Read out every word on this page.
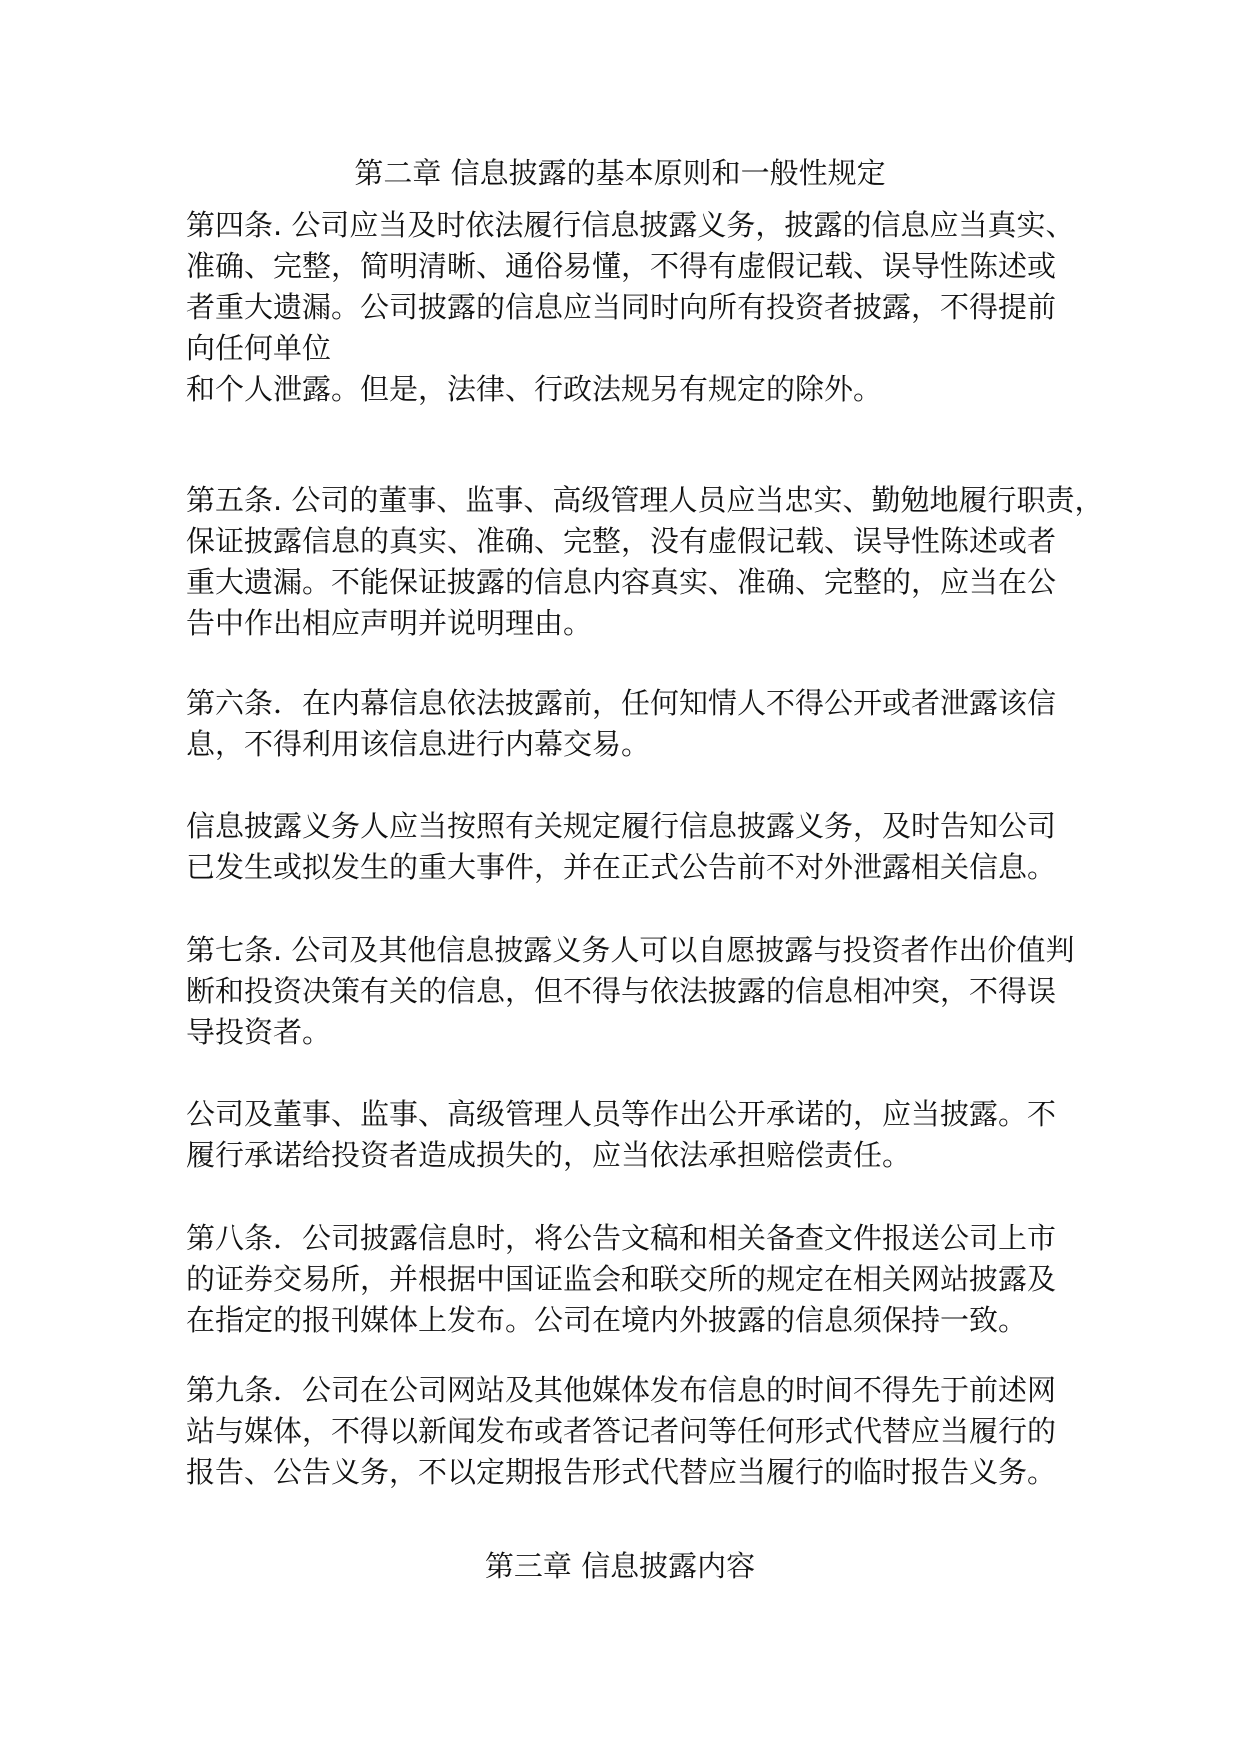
第二章 信息披露的基本原则和一般性规定
第四条. 公司应当及时依法履行信息披露义务，披露的信息应当真实、
准确、完整，简明清晰、通俗易懂，不得有虚假记载、误导性陈述或
者重大遗漏。公司披露的信息应当同时向所有投资者披露，不得提前
向任何单位
和个人泄露。但是，法律、行政法规另有规定的除外。
第五条. 公司的董事、监事、高级管理人员应当忠实、勤勉地履行职责，
保证披露信息的真实、准确、完整，没有虚假记载、误导性陈述或者
重大遗漏。不能保证披露的信息内容真实、准确、完整的，应当在公
告中作出相应声明并说明理由。
第六条．在内幕信息依法披露前，任何知情人不得公开或者泄露该信
息，不得利用该信息进行内幕交易。
信息披露义务人应当按照有关规定履行信息披露义务，及时告知公司
已发生或拟发生的重大事件，并在正式公告前不对外泄露相关信息。
第七条. 公司及其他信息披露义务人可以自愿披露与投资者作出价值判
断和投资决策有关的信息，但不得与依法披露的信息相冲突，不得误
导投资者。
公司及董事、监事、高级管理人员等作出公开承诺的，应当披露。不
履行承诺给投资者造成损失的，应当依法承担赔偿责任。
第八条．公司披露信息时，将公告文稿和相关备查文件报送公司上市
的证券交易所，并根据中国证监会和联交所的规定在相关网站披露及
在指定的报刊媒体上发布。公司在境内外披露的信息须保持一致。
第九条．公司在公司网站及其他媒体发布信息的时间不得先于前述网
站与媒体，不得以新闻发布或者答记者问等任何形式代替应当履行的
报告、公告义务，不以定期报告形式代替应当履行的临时报告义务。
第三章 信息披露内容
